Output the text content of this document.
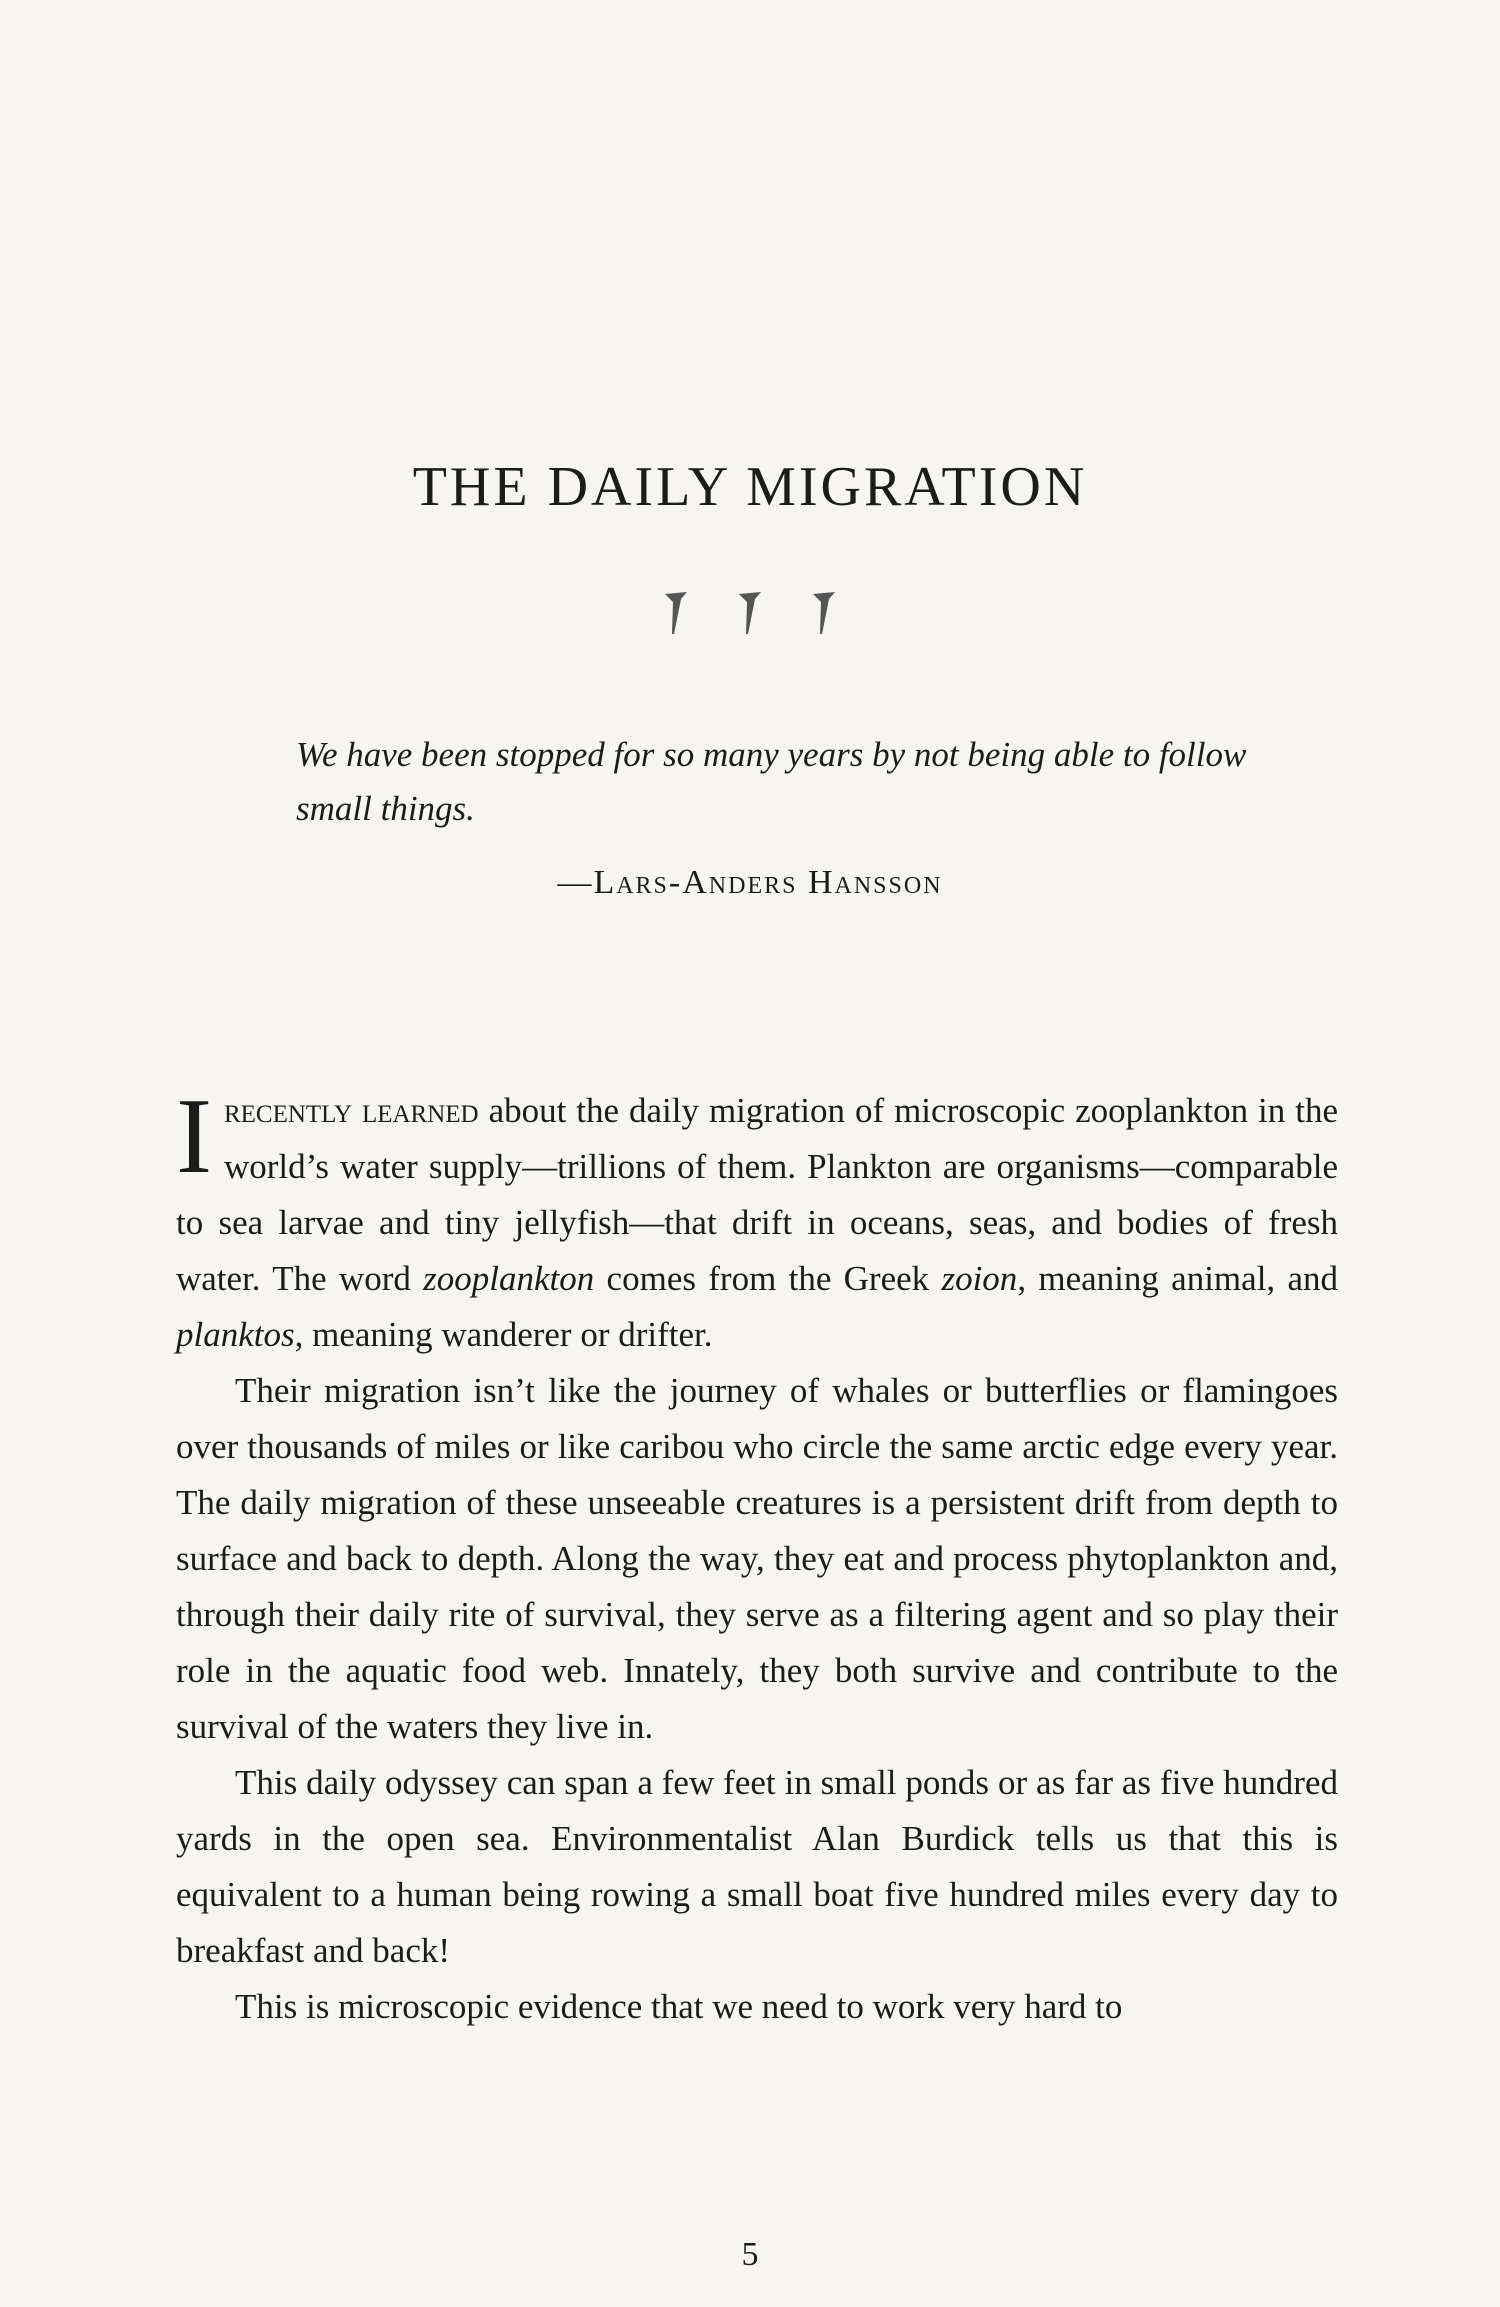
THE DAILY MIGRATION

We have been stopped for so many years by not being able to follow small things.

—Lars-Anders Hansson

Irecently learned about the daily migration of microscopic zooplankton in the world’s water supply—trillions of them. Plankton are organisms—comparable to sea larvae and tiny jellyfish—that drift in oceans, seas, and bodies of fresh water. The word zooplankton comes from the Greek zoion, meaning animal, and planktos, meaning wanderer or drifter.

Their migration isn’t like the journey of whales or butterflies or flamingoes over thousands of miles or like caribou who circle the same arctic edge every year. The daily migration of these unseeable creatures is a persistent drift from depth to surface and back to depth. Along the way, they eat and process phytoplankton and, through their daily rite of survival, they serve as a filtering agent and so play their role in the aquatic food web. Innately, they both survive and contribute to the survival of the waters they live in.

This daily odyssey can span a few feet in small ponds or as far as five hundred yards in the open sea. Environmentalist Alan Burdick tells us that this is equivalent to a human being rowing a small boat five hundred miles every day to breakfast and back!

This is microscopic evidence that we need to work very hard to

5
